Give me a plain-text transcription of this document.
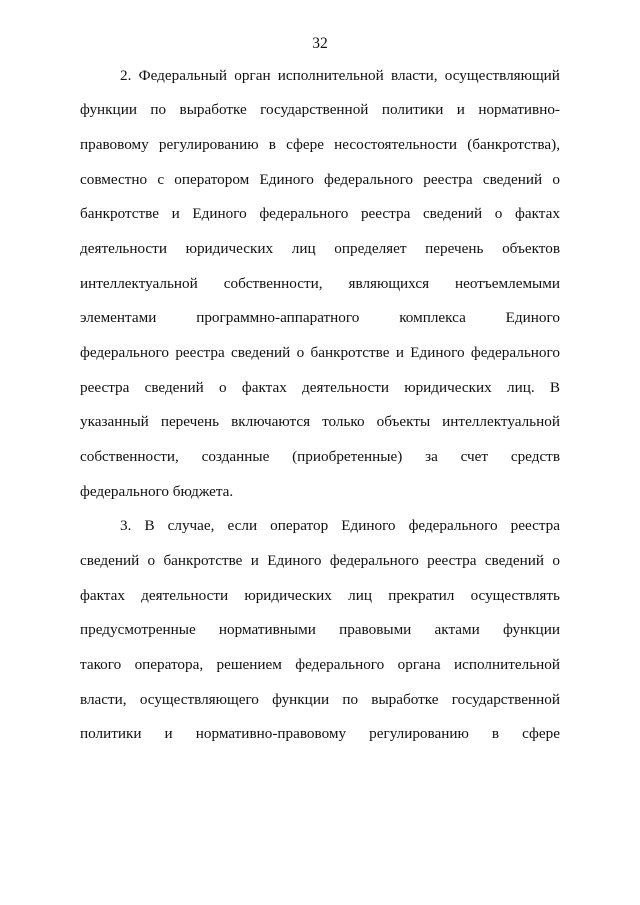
32
2. Федеральный орган исполнительной власти, осуществляющий
функции по выработке государственной политики и нормативно-
правовому регулированию в сфере несостоятельности (банкротства),
совместно с оператором Единого федерального реестра сведений о
банкротстве и Единого федерального реестра сведений о фактах
деятельности юридических лиц определяет перечень объектов
интеллектуальной собственности, являющихся неотъемлемыми
элементами	программно-аппаратного	комплекса	Единого
федерального реестра сведений о банкротстве и Единого федерального
реестра сведений о фактах деятельности юридических лиц. В
указанный перечень включаются только объекты интеллектуальной
собственности, созданные (приобретенные) за счет средств
федерального бюджета.
3. В случае, если оператор Единого федерального реестра
сведений о банкротстве и Единого федерального реестра сведений о
фактах деятельности юридических лиц прекратил осуществлять
предусмотренные нормативными правовыми актами функции
такого оператора, решением федерального органа исполнительной
власти, осуществляющего функции по выработке государственной
политики и нормативно-правовому регулированию в сфере
